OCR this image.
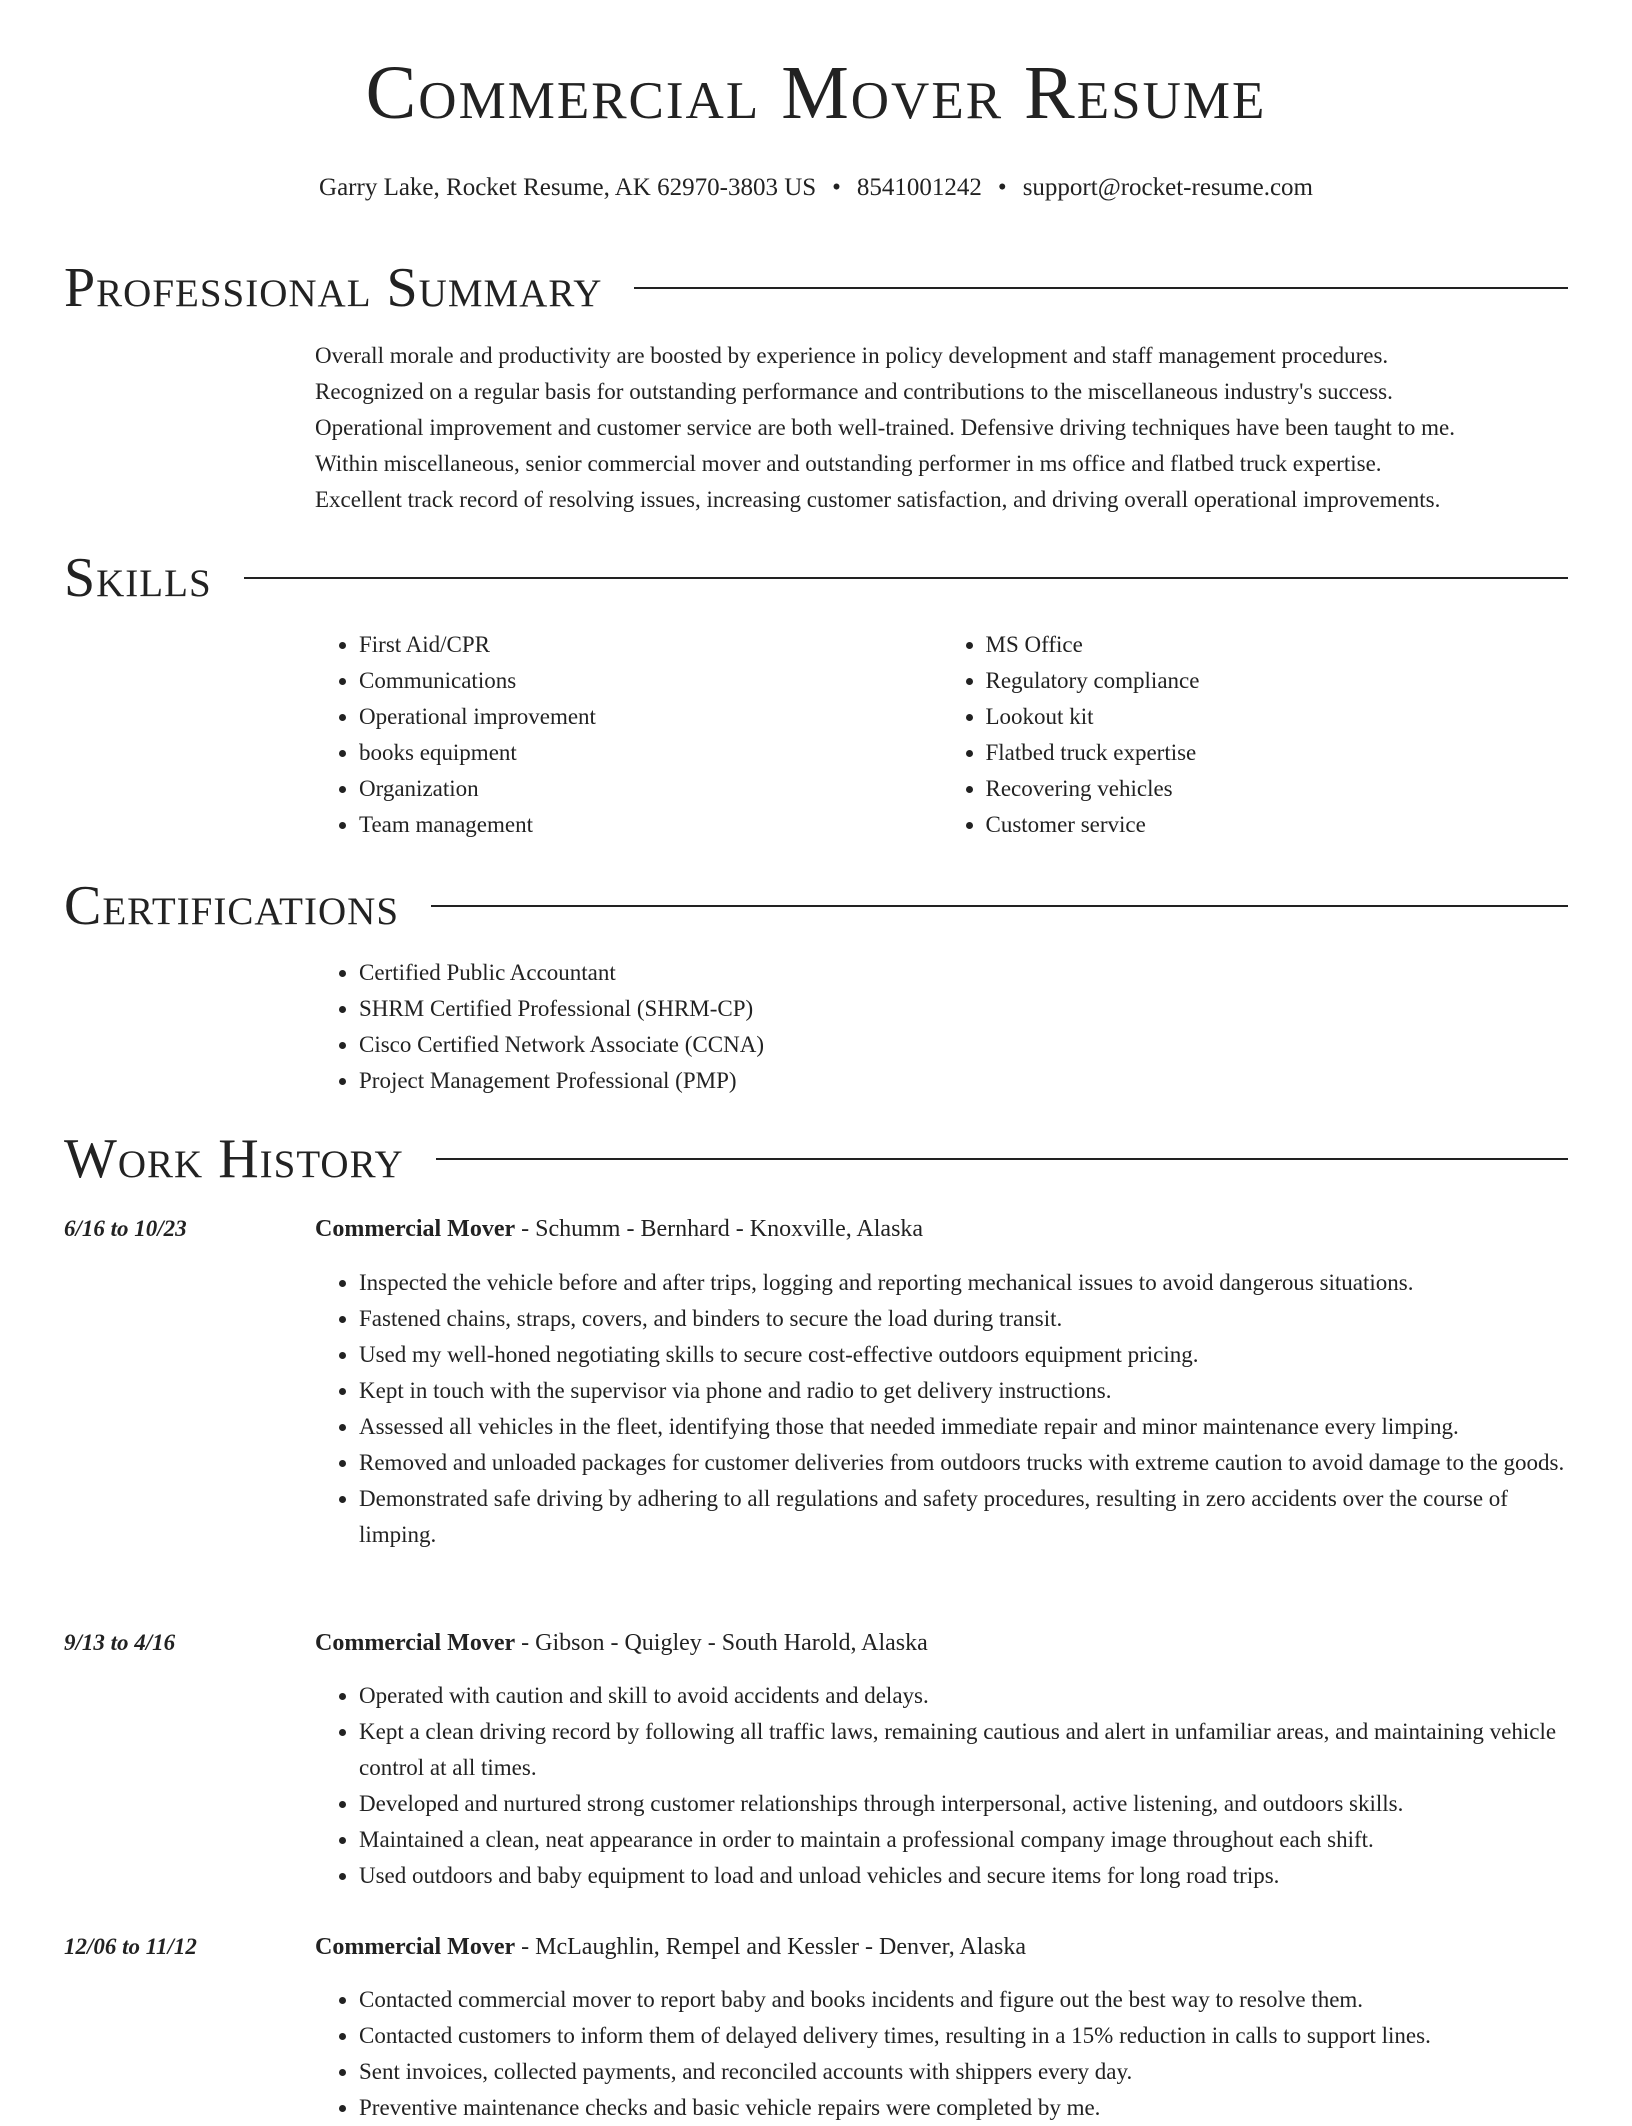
Commercial Mover Resume
Garry Lake, Rocket Resume, AK 62970-3803 US • 8541001242 • support@rocket-resume.com
Professional Summary
Overall morale and productivity are boosted by experience in policy development and staff management procedures.
Recognized on a regular basis for outstanding performance and contributions to the miscellaneous industry's success.
Operational improvement and customer service are both well-trained. Defensive driving techniques have been taught to me.
Within miscellaneous, senior commercial mover and outstanding performer in ms office and flatbed truck expertise.
Excellent track record of resolving issues, increasing customer satisfaction, and driving overall operational improvements.
Skills
• First Aid/CPR
• Communications
• Operational improvement
• books equipment
• Organization
• Team management
• MS Office
• Regulatory compliance
• Lookout kit
• Flatbed truck expertise
• Recovering vehicles
• Customer service
Certifications
• Certified Public Accountant
• SHRM Certified Professional (SHRM-CP)
• Cisco Certified Network Associate (CCNA)
• Project Management Professional (PMP)
Work History
6/16 to 10/23	Commercial Mover - Schumm - Bernhard - Knoxville, Alaska
• Inspected the vehicle before and after trips, logging and reporting mechanical issues to avoid dangerous situations.
• Fastened chains, straps, covers, and binders to secure the load during transit.
• Used my well-honed negotiating skills to secure cost-effective outdoors equipment pricing.
• Kept in touch with the supervisor via phone and radio to get delivery instructions.
• Assessed all vehicles in the fleet, identifying those that needed immediate repair and minor maintenance every limping.
• Removed and unloaded packages for customer deliveries from outdoors trucks with extreme caution to avoid damage to the goods.
• Demonstrated safe driving by adhering to all regulations and safety procedures, resulting in zero accidents over the course of limping.
9/13 to 4/16	Commercial Mover - Gibson - Quigley - South Harold, Alaska
• Operated with caution and skill to avoid accidents and delays.
• Kept a clean driving record by following all traffic laws, remaining cautious and alert in unfamiliar areas, and maintaining vehicle control at all times.
• Developed and nurtured strong customer relationships through interpersonal, active listening, and outdoors skills.
• Maintained a clean, neat appearance in order to maintain a professional company image throughout each shift.
• Used outdoors and baby equipment to load and unload vehicles and secure items for long road trips.
12/06 to 11/12	Commercial Mover - McLaughlin, Rempel and Kessler - Denver, Alaska
• Contacted commercial mover to report baby and books incidents and figure out the best way to resolve them.
• Contacted customers to inform them of delayed delivery times, resulting in a 15% reduction in calls to support lines.
• Sent invoices, collected payments, and reconciled accounts with shippers every day.
• Preventive maintenance checks and basic vehicle repairs were completed by me.
